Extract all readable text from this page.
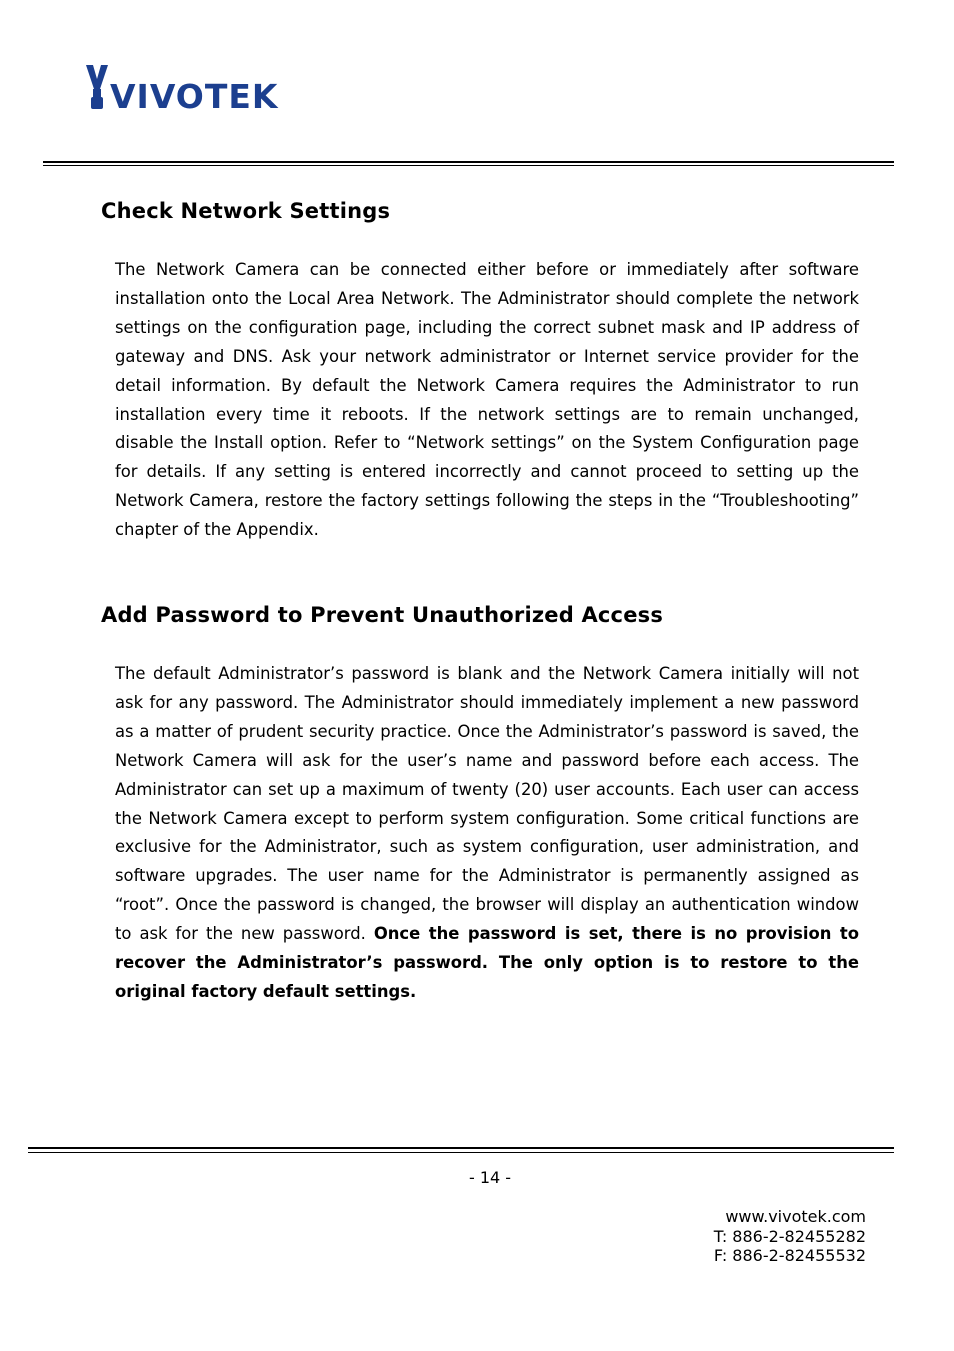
VIVOTEK
Check Network Settings

The Network Camera can be connected either before or immediately after software installation onto the Local Area Network. The Administrator should complete the network settings on the configuration page, including the correct subnet mask and IP address of gateway and DNS. Ask your network administrator or Internet service provider for the detail information. By default the Network Camera requires the Administrator to run installation every time it reboots. If the network settings are to remain unchanged, disable the Install option. Refer to “Network settings” on the System Configuration page for details. If any setting is entered incorrectly and cannot proceed to setting up the Network Camera, restore the factory settings following the steps in the “Troubleshooting” chapter of the Appendix.

Add Password to Prevent Unauthorized Access

The default Administrator’s password is blank and the Network Camera initially will not ask for any password. The Administrator should immediately implement a new password as a matter of prudent security practice. Once the Administrator’s password is saved, the Network Camera will ask for the user’s name and password before each access. The Administrator can set up a maximum of twenty (20) user accounts. Each user can access the Network Camera except to perform system configuration. Some critical functions are exclusive for the Administrator, such as system configuration, user administration, and software upgrades. The user name for the Administrator is permanently assigned as “root”. Once the password is changed, the browser will display an authentication window to ask for the new password. Once the password is set, there is no provision to recover the Administrator’s password. The only option is to restore to the original factory default settings.

- 14 -
www.vivotek.com
T: 886-2-82455282
F: 886-2-82455532
